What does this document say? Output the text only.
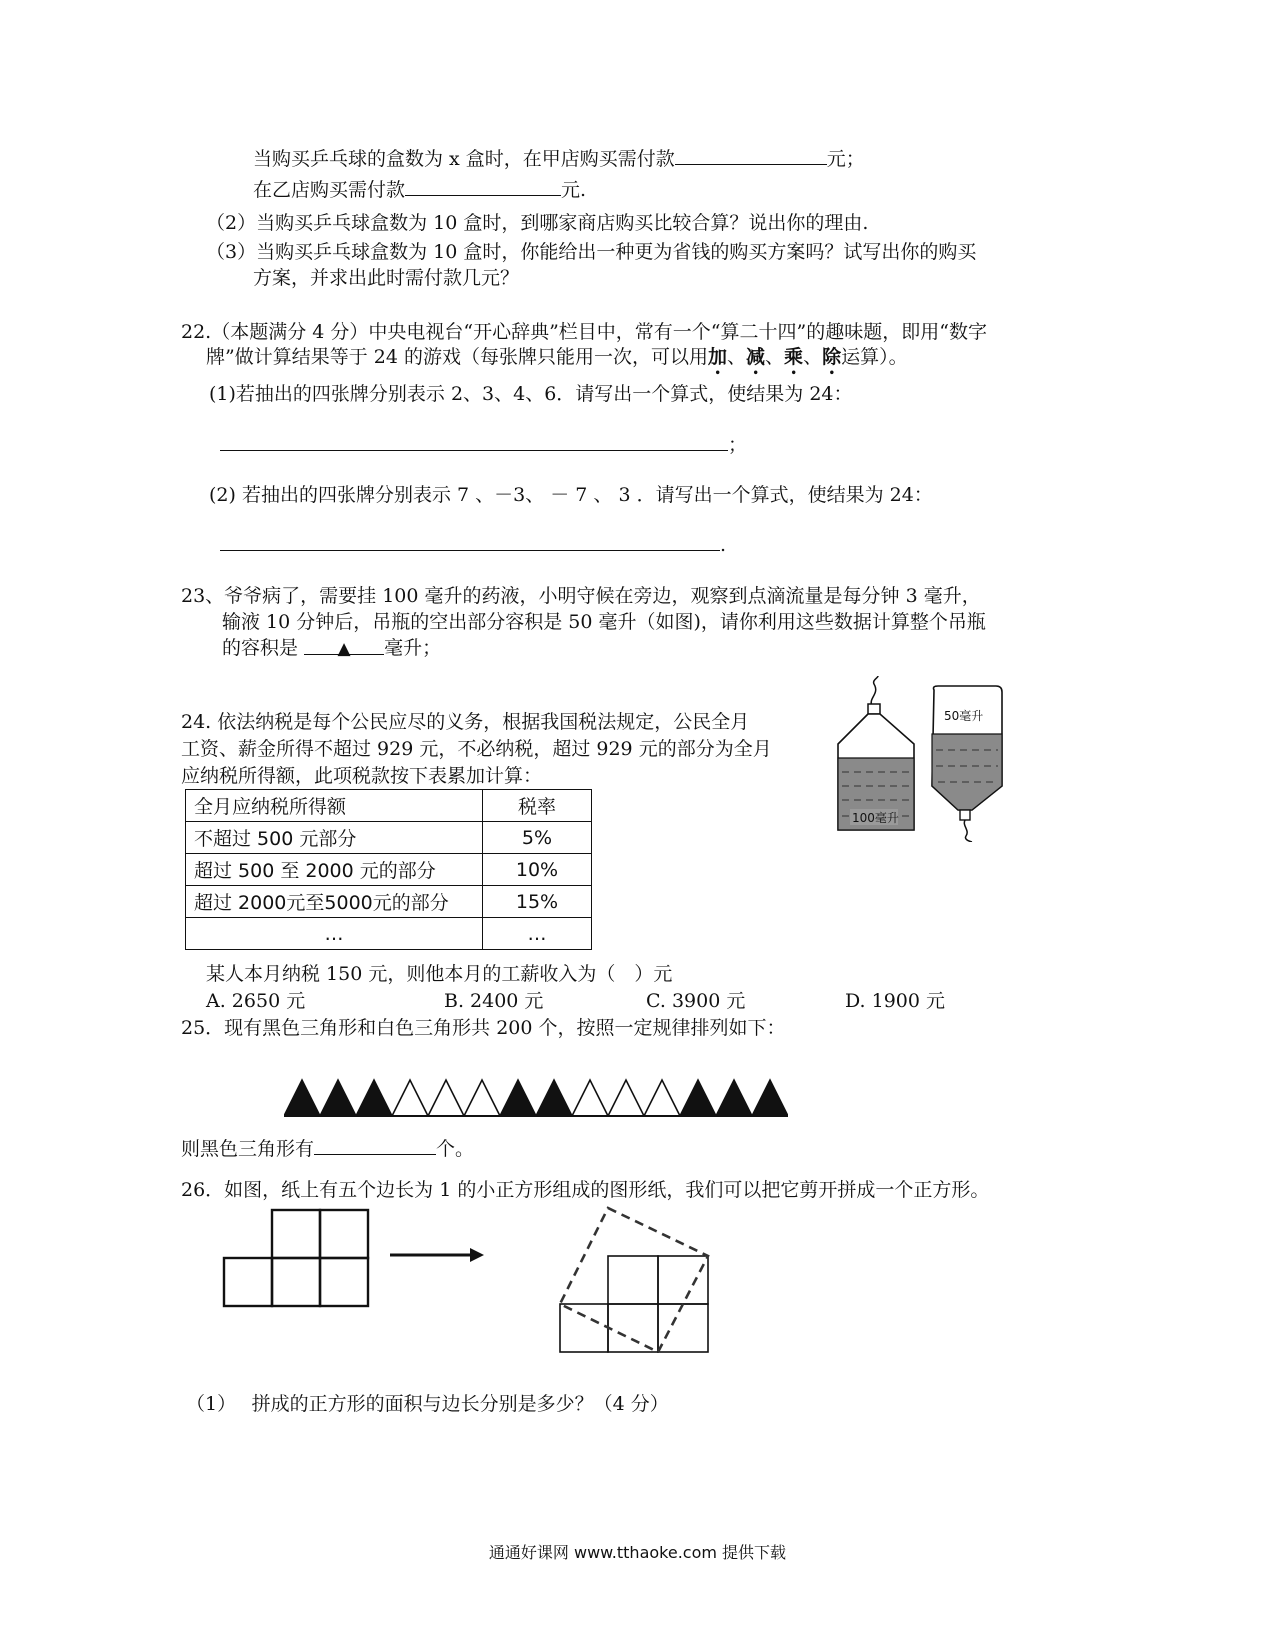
当购买乒乓球的盒数为 x 盒时，在甲店购买需付款	元；
在乙店购买需付款	元.
（2）当购买乒乓球盒数为 10 盒时，到哪家商店购买比较合算？说出你的理由.
（3）当购买乒乓球盒数为 10 盒时，你能给出一种更为省钱的购买方案吗？试写出你的购买
方案，并求出此时需付款几元？
22.（本题满分 4 分）中央电视台“开心辞典”栏目中，常有一个“算二十四”的趣味题，即用“数字
牌”做计算结果等于 24 的游戏（每张牌只能用一次，可以用加、减、乘、除运算）。
(1)若抽出的四张牌分别表示 2、3、4、6．请写出一个算式，使结果为 24：
；
(2) 若抽出的四张牌分别表示 7 、－3、 － 7 、 3 ．请写出一个算式，使结果为 24：
.
23、爷爷病了，需要挂 100 毫升的药液，小明守候在旁边，观察到点滴流量是每分钟 3 毫升，
输液 10 分钟后，吊瓶的空出部分容积是 50 毫升（如图)，请你利用这些数据计算整个吊瓶
的容积是 ▲ 毫升；
100毫升
50毫升
24. 依法纳税是每个公民应尽的义务，根据我国税法规定，公民全月
工资、薪金所得不超过 929 元，不必纳税，超过 929 元的部分为全月
应纳税所得额，此项税款按下表累加计算：
全月应纳税所得额	税率
不超过 500 元部分	5%
超过 500 至 2000 元的部分	10%
超过 2000元至5000元的部分	15%
…	…
某人本月纳税 150 元，则他本月的工薪收入为（　）元
A. 2650 元	B. 2400 元	C. 3900 元	D. 1900 元
25．现有黑色三角形和白色三角形共 200 个，按照一定规律排列如下：
则黑色三角形有	个。
26．如图，纸上有五个边长为 1 的小正方形组成的图形纸，我们可以把它剪开拼成一个正方形。
（1）　 拼成的正方形的面积与边长分别是多少？（4 分）
通通好课网 www.tthaoke.com 提供下载
